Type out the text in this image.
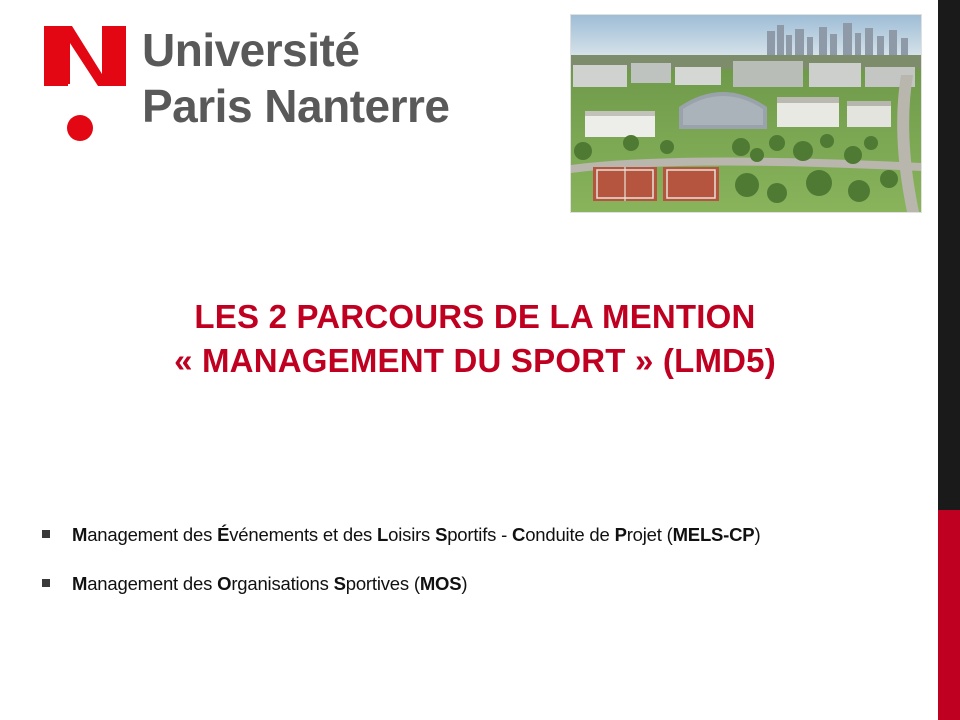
Université
Paris Nanterre
LES 2 PARCOURS DE LA MENTION
« MANAGEMENT DU SPORT » (LMD5)
Management des Événements et des Loisirs Sportifs - Conduite de Projet (MELS-CP)
Management des Organisations Sportives (MOS)
